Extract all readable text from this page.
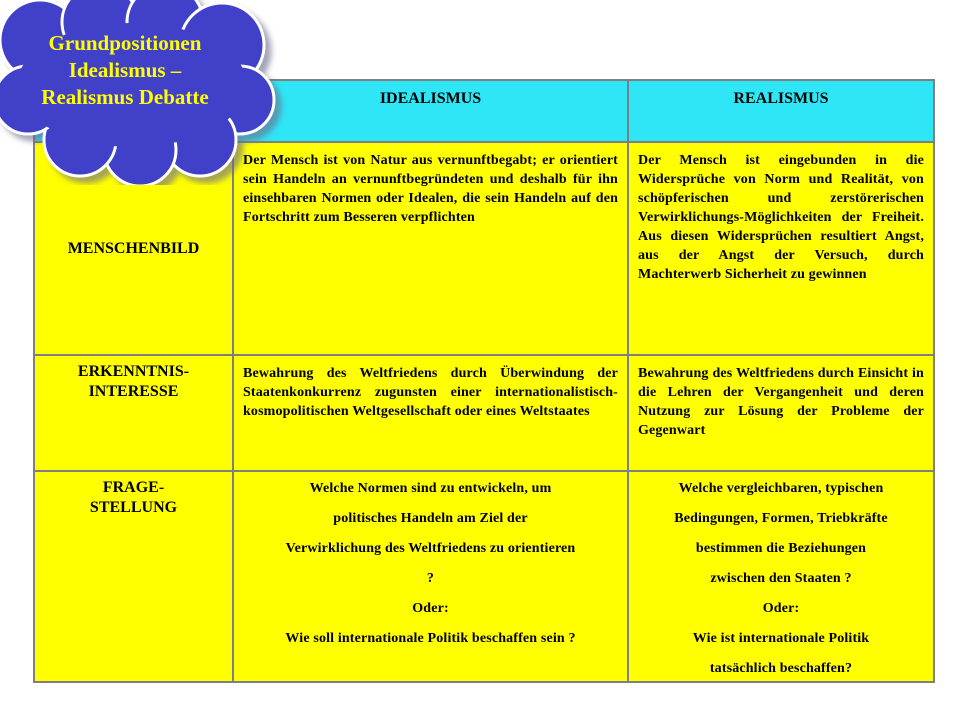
IDEALISMUS	REALISMUS
MENSCHENBILD
Der Mensch ist von Natur aus vernunftbegabt; er orientiert sein Handeln an vernunftbegründeten und deshalb für ihn einsehbaren Normen oder Idealen, die sein Handeln auf den Fortschritt zum Besseren verpflichten
Der Mensch ist eingebunden in die Widersprüche von Norm und Realität, von schöpferischen und zerstörerischen Verwirklichungs-Möglichkeiten der Freiheit. Aus diesen Widersprüchen resultiert Angst, aus der Angst der Versuch, durch Machterwerb Sicherheit zu gewinnen
ERKENNTNIS-
INTERESSE
Bewahrung des Weltfriedens durch Überwindung der Staatenkonkurrenz zugunsten einer internationalistisch-kosmopolitischen Weltgesellschaft oder eines Weltstaates
Bewahrung des Weltfriedens durch Einsicht in die Lehren der Vergangenheit und deren Nutzung zur Lösung der Probleme der Gegenwart
FRAGE-
STELLUNG
Welche Normen sind zu entwickeln, um
politisches Handeln am Ziel der
Verwirklichung des Weltfriedens zu orientieren
?
Oder:
Wie soll internationale Politik beschaffen sein ?
Welche vergleichbaren, typischen
Bedingungen, Formen, Triebkräfte
bestimmen die Beziehungen
zwischen den Staaten ?
Oder:
Wie ist internationale Politik
tatsächlich beschaffen?
Grundpositionen
Idealismus –
Realismus Debatte
